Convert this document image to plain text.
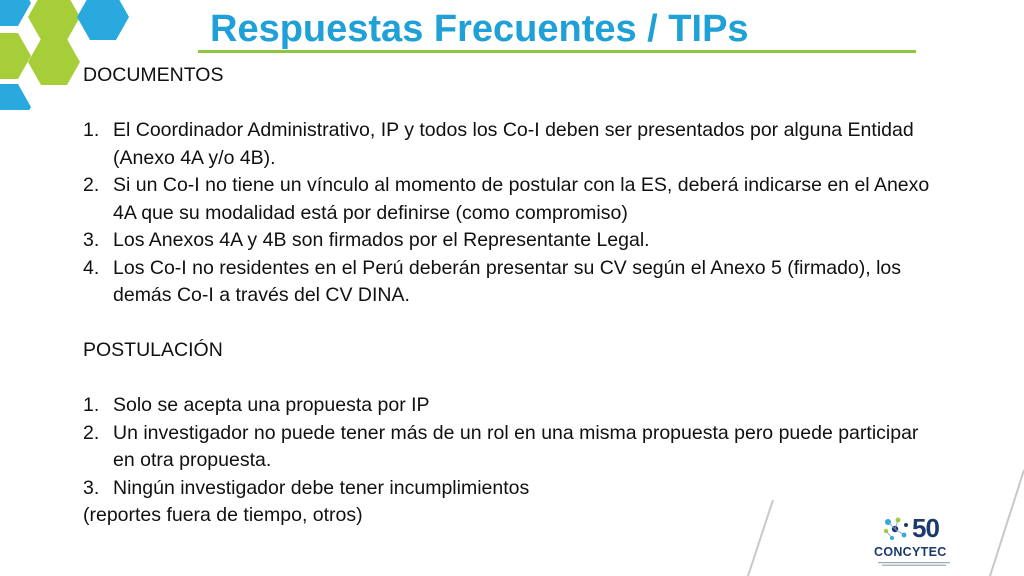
Respuestas Frecuentes / TIPs

DOCUMENTOS

1. El Coordinador Administrativo, IP y todos los Co-I deben ser presentados por alguna Entidad (Anexo 4A y/o 4B).
2. Si un Co-I no tiene un vínculo al momento de postular con la ES, deberá indicarse en el Anexo 4A que su modalidad está por definirse (como compromiso)
3. Los Anexos 4A y 4B son firmados por el Representante Legal.
4. Los Co-I no residentes en el Perú deberán presentar su CV según el Anexo 5 (firmado), los demás Co-I a través del CV DINA.

POSTULACIÓN

1. Solo se acepta una propuesta por IP
2. Un investigador no puede tener más de un rol en una misma propuesta pero puede participar en otra propuesta.
3. Ningún investigador debe tener incumplimientos

(reportes fuera de tiempo, otros)	50
CONCYTEC
